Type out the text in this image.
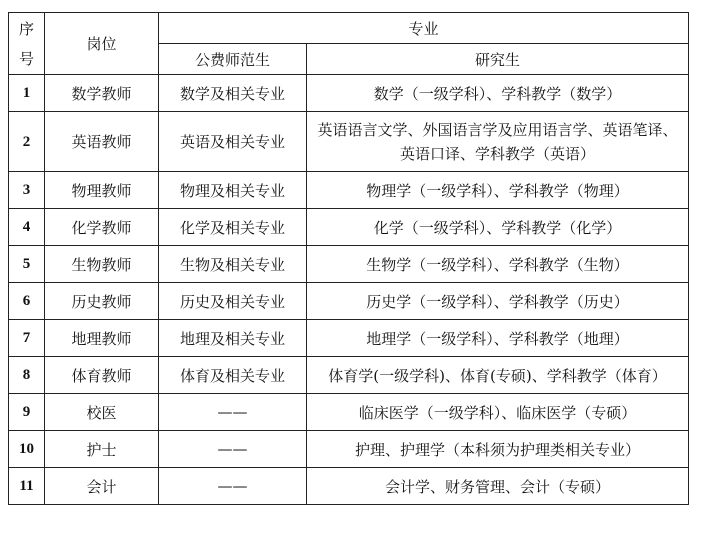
序号	岗位	专业	
		公费师范生	研究生
1	数学教师	数学及相关专业	数学（一级学科）、学科教学（数学）
2	英语教师	英语及相关专业	英语语言文学、外国语言学及应用语言学、英语笔译、英语口译、学科教学（英语）
3	物理教师	物理及相关专业	物理学（一级学科）、学科教学（物理）
4	化学教师	化学及相关专业	化学（一级学科）、学科教学（化学）
5	生物教师	生物及相关专业	生物学（一级学科）、学科教学（生物）
6	历史教师	历史及相关专业	历史学（一级学科）、学科教学（历史）
7	地理教师	地理及相关专业	地理学（一级学科）、学科教学（地理）
8	体育教师	体育及相关专业	体育学(一级学科)、体育(专硕)、学科教学（体育）
9	校医	——	临床医学（一级学科）、临床医学（专硕）
10	护士	——	护理、护理学（本科须为护理类相关专业）
11	会计	——	会计学、财务管理、会计（专硕）
